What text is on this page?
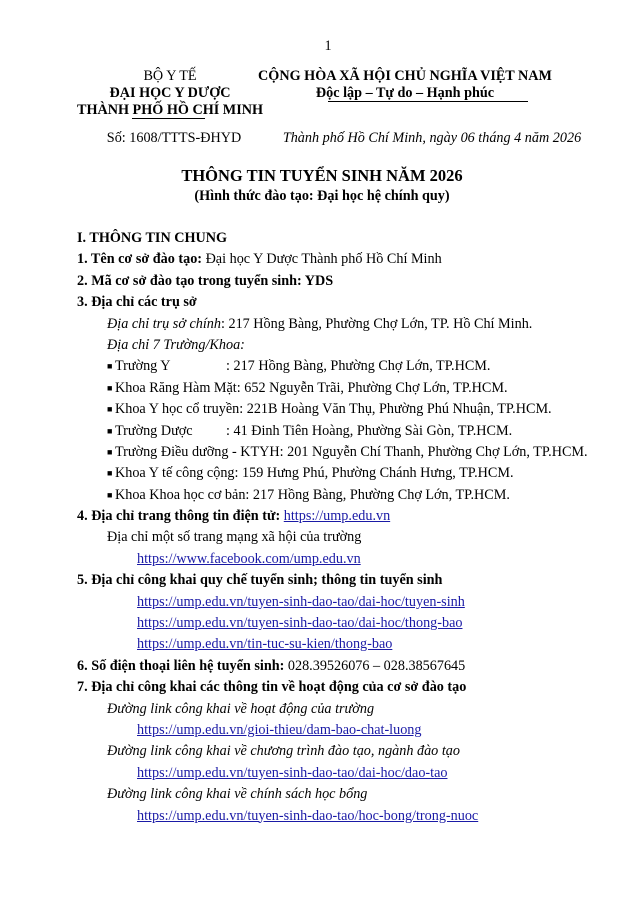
1
BỘ Y TẾ
ĐẠI HỌC Y DƯỢC
THÀNH PHỐ HỒ CHÍ MINH
CỘNG HÒA XÃ HỘI CHỦ NGHĨA VIỆT NAM
Độc lập – Tự do – Hạnh phúc
Số: 1608/TTTS-ĐHYD	Thành phố Hồ Chí Minh, ngày 06 tháng 4 năm 2026
THÔNG TIN TUYỂN SINH NĂM 2026
(Hình thức đào tạo: Đại học hệ chính quy)
I. THÔNG TIN CHUNG
1. Tên cơ sở đào tạo: Đại học Y Dược Thành phố Hồ Chí Minh
2. Mã cơ sở đào tạo trong tuyển sinh: YDS
3. Địa chỉ các trụ sở
Địa chỉ trụ sở chính: 217 Hồng Bàng, Phường Chợ Lớn, TP. Hồ Chí Minh.
Địa chỉ 7 Trường/Khoa:
■ Trường Y	: 217 Hồng Bàng, Phường Chợ Lớn, TP.HCM.
■ Khoa Răng Hàm Mặt: 652 Nguyễn Trãi, Phường Chợ Lớn, TP.HCM.
■ Khoa Y học cổ truyền: 221B Hoàng Văn Thụ, Phường Phú Nhuận, TP.HCM.
■ Trường Dược : 41 Đinh Tiên Hoàng, Phường Sài Gòn, TP.HCM.
■ Trường Điều dưỡng - KTYH: 201 Nguyễn Chí Thanh, Phường Chợ Lớn, TP.HCM.
■ Khoa Y tế công cộng: 159 Hưng Phú, Phường Chánh Hưng, TP.HCM.
■ Khoa Khoa học cơ bản: 217 Hồng Bàng, Phường Chợ Lớn, TP.HCM.
4. Địa chỉ trang thông tin điện tử: https://ump.edu.vn
Địa chỉ một số trang mạng xã hội của trường
https://www.facebook.com/ump.edu.vn
5. Địa chỉ công khai quy chế tuyển sinh; thông tin tuyển sinh
https://ump.edu.vn/tuyen-sinh-dao-tao/dai-hoc/tuyen-sinh
https://ump.edu.vn/tuyen-sinh-dao-tao/dai-hoc/thong-bao
https://ump.edu.vn/tin-tuc-su-kien/thong-bao
6. Số điện thoại liên hệ tuyển sinh: 028.39526076 – 028.38567645
7. Địa chỉ công khai các thông tin về hoạt động của cơ sở đào tạo
Đường link công khai về hoạt động của trường
https://ump.edu.vn/gioi-thieu/dam-bao-chat-luong
Đường link công khai về chương trình đào tạo, ngành đào tạo
https://ump.edu.vn/tuyen-sinh-dao-tao/dai-hoc/dao-tao
Đường link công khai về chính sách học bổng
https://ump.edu.vn/tuyen-sinh-dao-tao/hoc-bong/trong-nuoc
